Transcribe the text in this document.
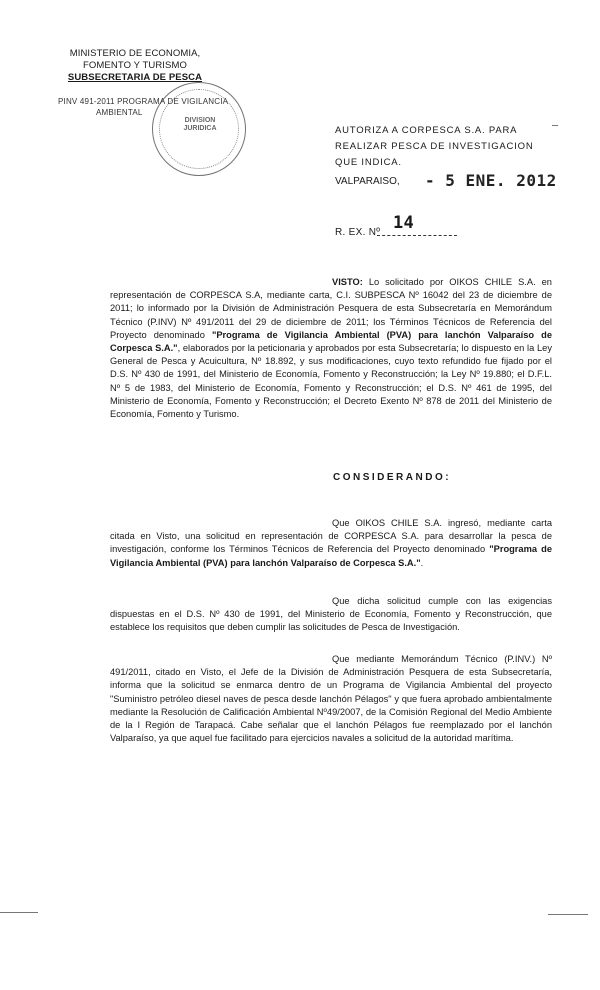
MINISTERIO DE ECONOMIA,
FOMENTO Y TURISMO
SUBSECRETARIA DE PESCA
PINV 491-2011 PROGRAMA DE VIGILANCIA
AMBIENTAL
DIVISION JURIDICA	AUTORIZA A CORPESCA S.A. PARA REALIZAR PESCA DE INVESTIGACION QUE INDICA.
VALPARAISO, - 5 ENE. 2012
R. EX. Nº 14
VISTO: Lo solicitado por OIKOS CHILE S.A. en representación de CORPESCA S.A, mediante carta, C.I. SUBPESCA Nº 16042 del 23 de diciembre de 2011; lo informado por la División de Administración Pesquera de esta Subsecretaría en Memorándum Técnico (P.INV) Nº 491/2011 del 29 de diciembre de 2011; los Términos Técnicos de Referencia del Proyecto denominado "Programa de Vigilancia Ambiental (PVA) para lanchón Valparaíso de Corpesca S.A.", elaborados por la peticionaria y aprobados por esta Subsecretaría; lo dispuesto en la Ley General de Pesca y Acuicultura, Nº 18.892, y sus modificaciones, cuyo texto refundido fue fijado por el D.S. Nº 430 de 1991, del Ministerio de Economía, Fomento y Reconstrucción; la Ley Nº 19.880; el D.F.L. Nº 5 de 1983, del Ministerio de Economía, Fomento y Reconstrucción; el D.S. Nº 461 de 1995, del Ministerio de Economía, Fomento y Reconstrucción; el Decreto Exento Nº 878 de 2011 del Ministerio de Economía, Fomento y Turismo.
CONSIDERANDO:
Que OIKOS CHILE S.A. ingresó, mediante carta citada en Visto, una solicitud en representación de CORPESCA S.A. para desarrollar la pesca de investigación, conforme los Términos Técnicos de Referencia del Proyecto denominado "Programa de Vigilancia Ambiental (PVA) para lanchón Valparaíso de Corpesca S.A.".
Que dicha solicitud cumple con las exigencias dispuestas en el D.S. Nº 430 de 1991, del Ministerio de Economía, Fomento y Reconstrucción, que establece los requisitos que deben cumplir las solicitudes de Pesca de Investigación.
Que mediante Memorándum Técnico (P.INV.) Nº 491/2011, citado en Visto, el Jefe de la División de Administración Pesquera de esta Subsecretaría, informa que la solicitud se enmarca dentro de un Programa de Vigilancia Ambiental del proyecto "Suministro petróleo diesel naves de pesca desde lanchón Pélagos" y que fuera aprobado ambientalmente mediante la Resolución de Calificación Ambiental Nº49/2007, de la Comisión Regional del Medio Ambiente de la I Región de Tarapacá. Cabe señalar que el lanchón Pélagos fue reemplazado por el lanchón Valparaíso, ya que aquel fue facilitado para ejercicios navales a solicitud de la autoridad marítima.
